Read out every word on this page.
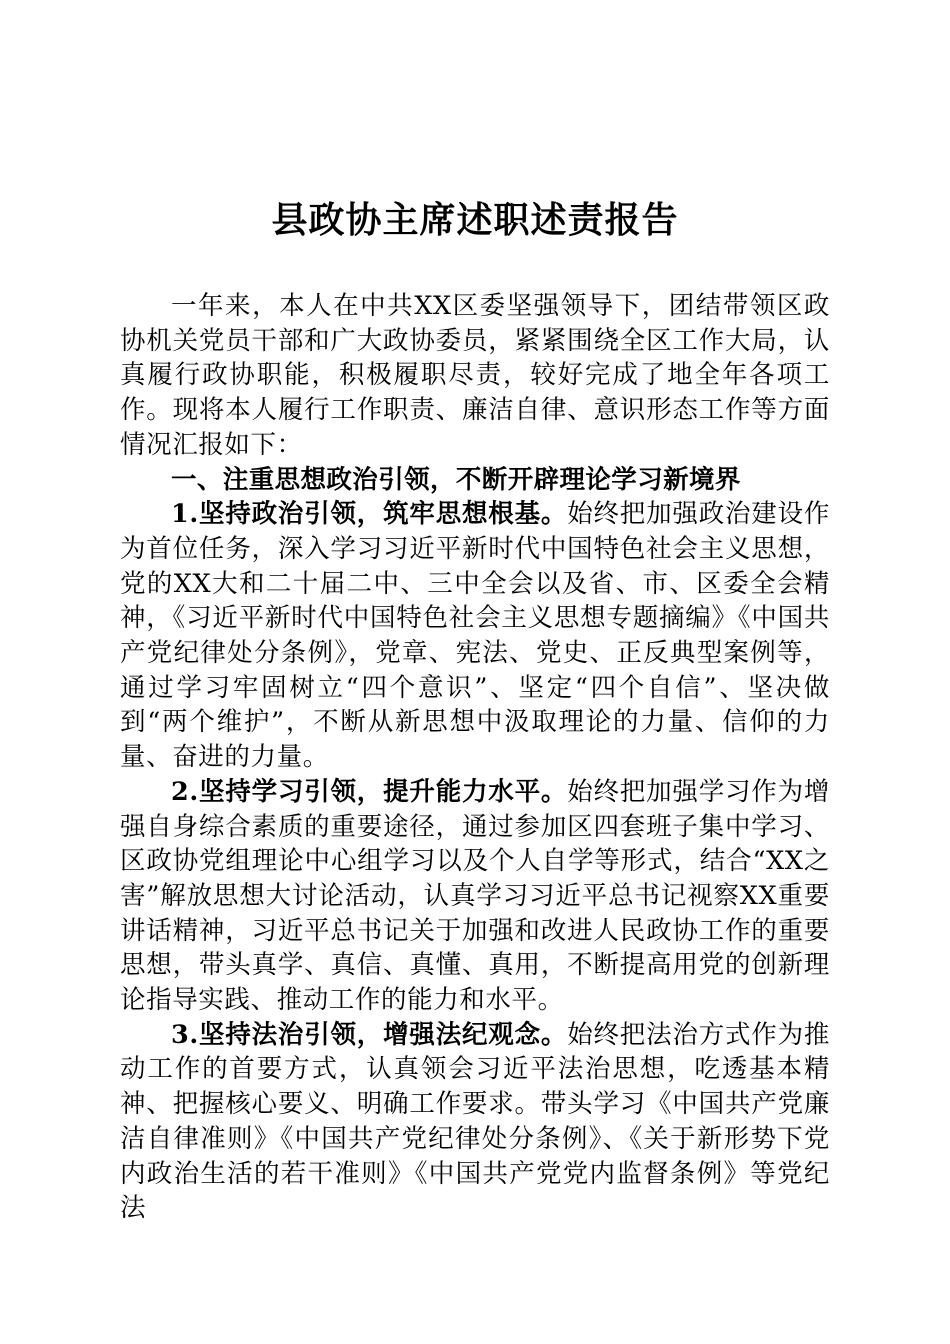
县政协主席述职述责报告

一年来，本人在中共XX区委坚强领导下，团结带领区政协机关党员干部和广大政协委员，紧紧围绕全区工作大局，认真履行政协职能，积极履职尽责，较好完成了地全年各项工作。现将本人履行工作职责、廉洁自律、意识形态工作等方面情况汇报如下：

一、注重思想政治引领，不断开辟理论学习新境界

1.坚持政治引领，筑牢思想根基。始终把加强政治建设作为首位任务，深入学习习近平新时代中国特色社会主义思想，党的XX大和二十届二中、三中全会以及省、市、区委全会精神，《习近平新时代中国特色社会主义思想专题摘编》《中国共产党纪律处分条例》，党章、宪法、党史、正反典型案例等，通过学习牢固树立“四个意识”、坚定“四个自信”、坚决做到“两个维护”，不断从新思想中汲取理论的力量、信仰的力量、奋进的力量。

2.坚持学习引领，提升能力水平。始终把加强学习作为增强自身综合素质的重要途径，通过参加区四套班子集中学习、区政协党组理论中心组学习以及个人自学等形式，结合“XX之害”解放思想大讨论活动，认真学习习近平总书记视察XX重要讲话精神，习近平总书记关于加强和改进人民政协工作的重要思想，带头真学、真信、真懂、真用，不断提高用党的创新理论指导实践、推动工作的能力和水平。

3.坚持法治引领，增强法纪观念。始终把法治方式作为推动工作的首要方式，认真领会习近平法治思想，吃透基本精神、把握核心要义、明确工作要求。带头学习《中国共产党廉洁自律准则》《中国共产党纪律处分条例》、《关于新形势下党内政治生活的若干准则》《中国共产党党内监督条例》等党纪法
